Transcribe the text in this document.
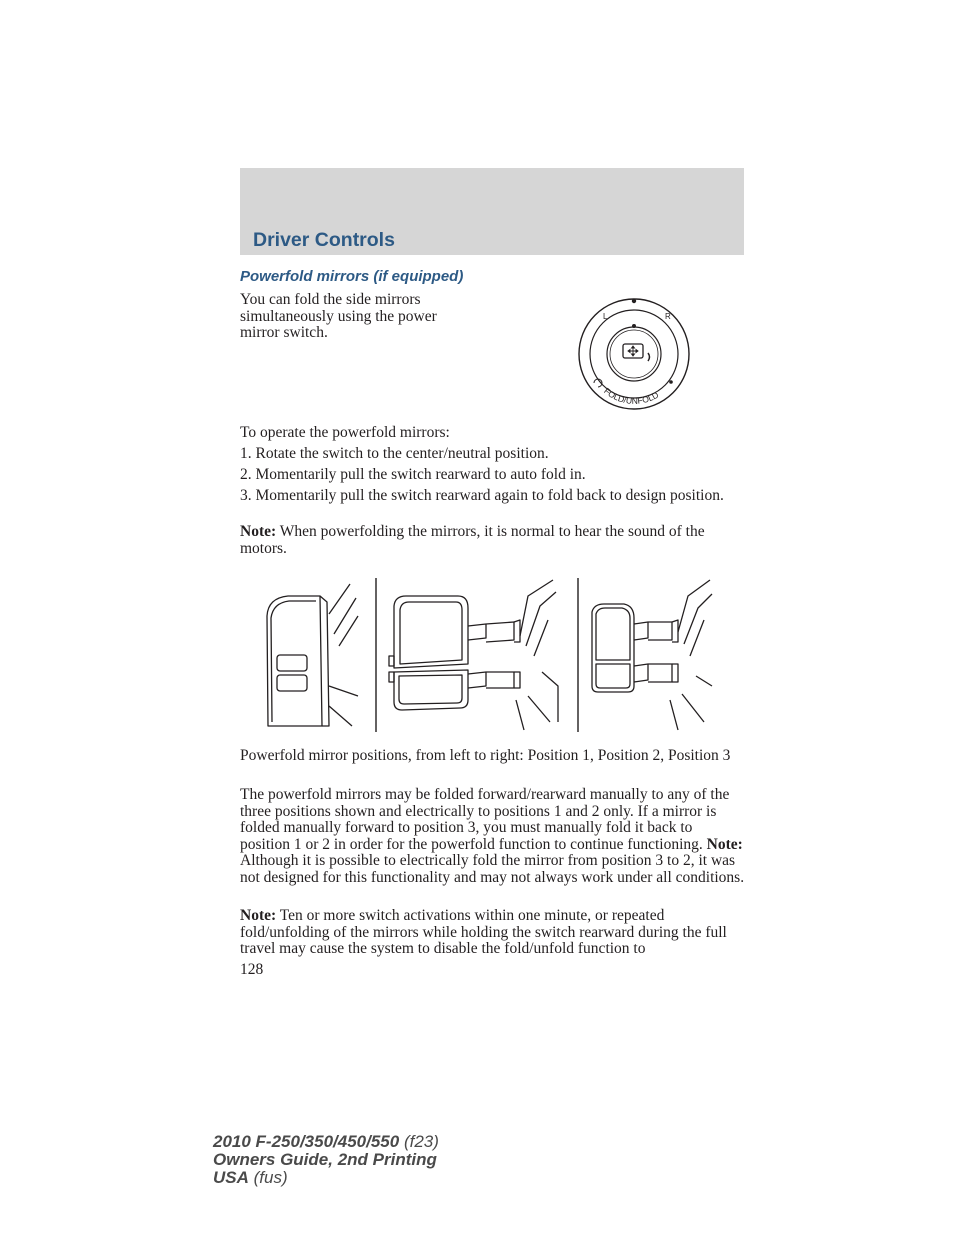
Driver Controls
Powerfold mirrors (if equipped)
You can fold the side mirrors simultaneously using the power mirror switch.
L	R
FOLD/UNFOLD
To operate the powerfold mirrors:
1. Rotate the switch to the center/neutral position.
2. Momentarily pull the switch rearward to auto fold in.
3. Momentarily pull the switch rearward again to fold back to design position.
Note: When powerfolding the mirrors, it is normal to hear the sound of the motors.
Powerfold mirror positions, from left to right: Position 1, Position 2, Position 3
The powerfold mirrors may be folded forward/rearward manually to any of the three positions shown and electrically to positions 1 and 2 only. If a mirror is folded manually forward to position 3, you must manually fold it back to position 1 or 2 in order for the powerfold function to continue functioning. Note: Although it is possible to electrically fold the mirror from position 3 to 2, it was not designed for this functionality and may not always work under all conditions.
Note: Ten or more switch activations within one minute, or repeated fold/unfolding of the mirrors while holding the switch rearward during the full travel may cause the system to disable the fold/unfold function to
128
2010 F-250/350/450/550 (f23)
Owners Guide, 2nd Printing
USA (fus)
